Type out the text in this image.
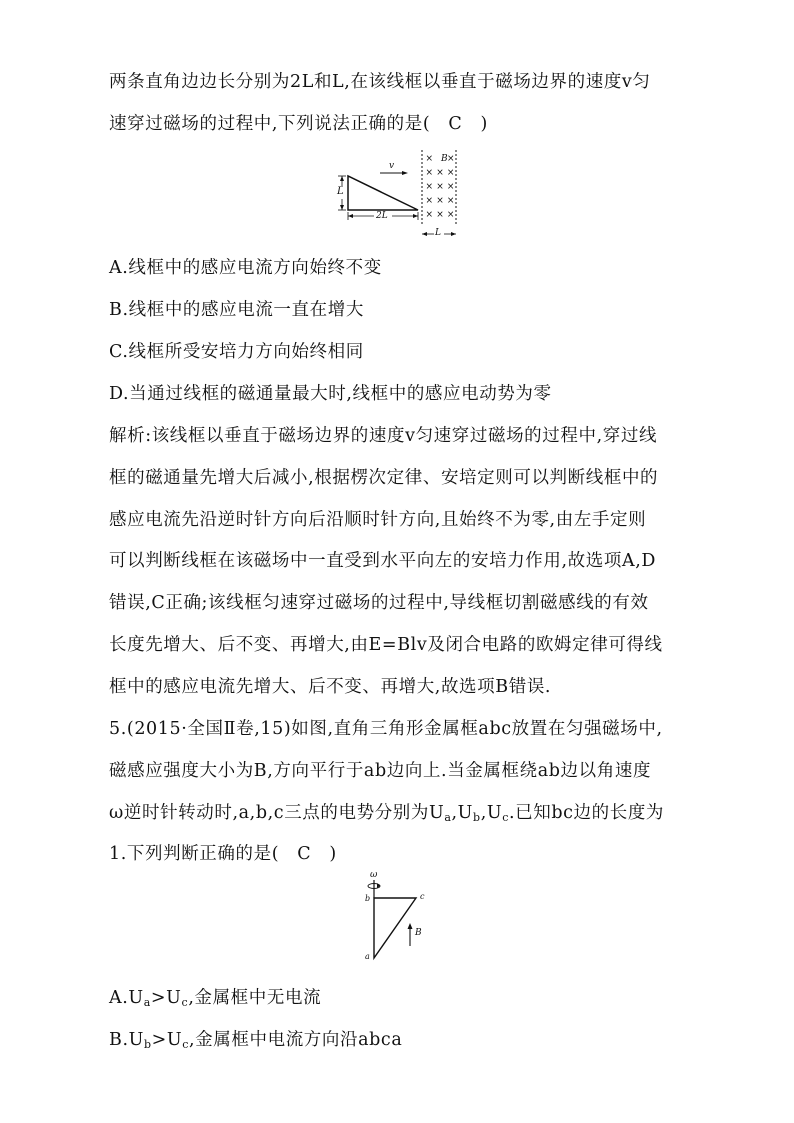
两条直角边边长分别为2L和L,在该线框以垂直于磁场边界的速度v匀
速穿过磁场的过程中,下列说法正确的是(　C　)
v
B
L
2L
L
× ×
× × ×
× × ×
× × ×
× × ×
A.线框中的感应电流方向始终不变
B.线框中的感应电流一直在增大
C.线框所受安培力方向始终相同
D.当通过线框的磁通量最大时,线框中的感应电动势为零
解析:该线框以垂直于磁场边界的速度v匀速穿过磁场的过程中,穿过线
框的磁通量先增大后减小,根据楞次定律、安培定则可以判断线框中的
感应电流先沿逆时针方向后沿顺时针方向,且始终不为零,由左手定则
可以判断线框在该磁场中一直受到水平向左的安培力作用,故选项A,D
错误,C正确;该线框匀速穿过磁场的过程中,导线框切割磁感线的有效
长度先增大、后不变、再增大,由E=Blv及闭合电路的欧姆定律可得线
框中的感应电流先增大、后不变、再增大,故选项B错误.
5.(2015·全国Ⅱ卷,15)如图,直角三角形金属框abc放置在匀强磁场中,
磁感应强度大小为B,方向平行于ab边向上.当金属框绕ab边以角速度
ω逆时针转动时,a,b,c三点的电势分别为$U_a,U_b,U_c$.已知bc边的长度为
1.下列判断正确的是(　C　)
ω
b	c
a
B
$A.U_a>U_c$,金属框中无电流
$B.U_b>U_c$,金属框中电流方向沿abca
